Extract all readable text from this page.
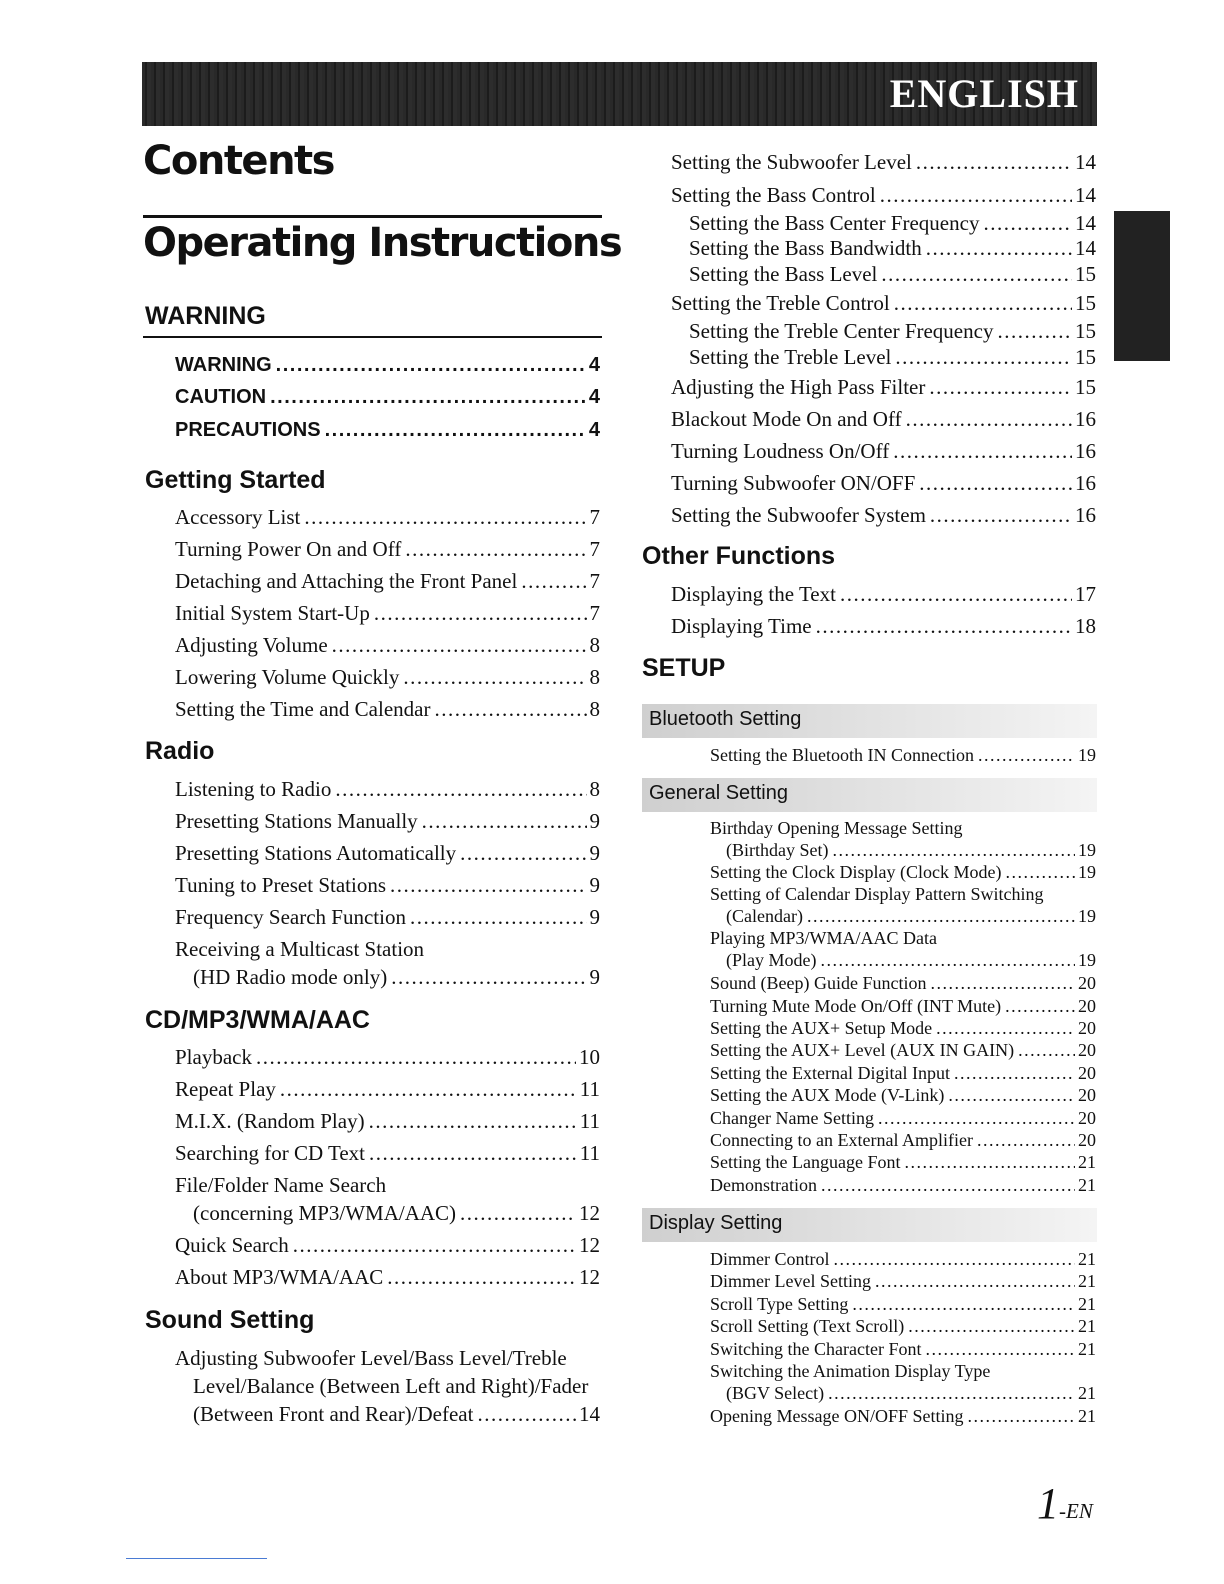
ENGLISH
Contents
Operating Instructions
WARNING
WARNING .....	4
CAUTION .....	4
PRECAUTIONS .....	4
Getting Started
Accessory List .....	7
Turning Power On and Off .....	7
Detaching and Attaching the Front Panel .....	7
Initial System Start-Up .....	7
Adjusting Volume .....	8
Lowering Volume Quickly .....	8
Setting the Time and Calendar .....	8
Radio
Listening to Radio .....	8
Presetting Stations Manually .....	9
Presetting Stations Automatically .....	9
Tuning to Preset Stations .....	9
Frequency Search Function .....	9
Receiving a Multicast Station
(HD Radio mode only) .....	9
CD/MP3/WMA/AAC
Playback .....	10
Repeat Play .....	11
M.I.X. (Random Play) .....	11
Searching for CD Text .....	11
File/Folder Name Search
(concerning MP3/WMA/AAC) .....	12
Quick Search .....	12
About MP3/WMA/AAC .....	12
Sound Setting
Adjusting Subwoofer Level/Bass Level/Treble
Level/Balance (Between Left and Right)/Fader
(Between Front and Rear)/Defeat .....	14
Setting the Subwoofer Level .....	14
Setting the Bass Control .....	14
Setting the Bass Center Frequency .....	14
Setting the Bass Bandwidth .....	14
Setting the Bass Level .....	15
Setting the Treble Control .....	15
Setting the Treble Center Frequency .....	15
Setting the Treble Level .....	15
Adjusting the High Pass Filter .....	15
Blackout Mode On and Off .....	16
Turning Loudness On/Off .....	16
Turning Subwoofer ON/OFF .....	16
Setting the Subwoofer System .....	16
Other Functions
Displaying the Text .....	17
Displaying Time .....	18
SETUP
Bluetooth Setting
Setting the Bluetooth IN Connection .....	19
General Setting
Birthday Opening Message Setting
(Birthday Set) .....	19
Setting the Clock Display (Clock Mode) .....	19
Setting of Calendar Display Pattern Switching
(Calendar) .....	19
Playing MP3/WMA/AAC Data
(Play Mode) .....	19
Sound (Beep) Guide Function .....	20
Turning Mute Mode On/Off (INT Mute) .....	20
Setting the AUX+ Setup Mode .....	20
Setting the AUX+ Level (AUX IN GAIN) .....	20
Setting the External Digital Input .....	20
Setting the AUX Mode (V-Link) .....	20
Changer Name Setting .....	20
Connecting to an External Amplifier .....	20
Setting the Language Font .....	21
Demonstration .....	21
Display Setting
Dimmer Control .....	21
Dimmer Level Setting .....	21
Scroll Type Setting .....	21
Scroll Setting (Text Scroll) .....	21
Switching the Character Font .....	21
Switching the Animation Display Type
(BGV Select) .....	21
Opening Message ON/OFF Setting .....	21
1-EN
